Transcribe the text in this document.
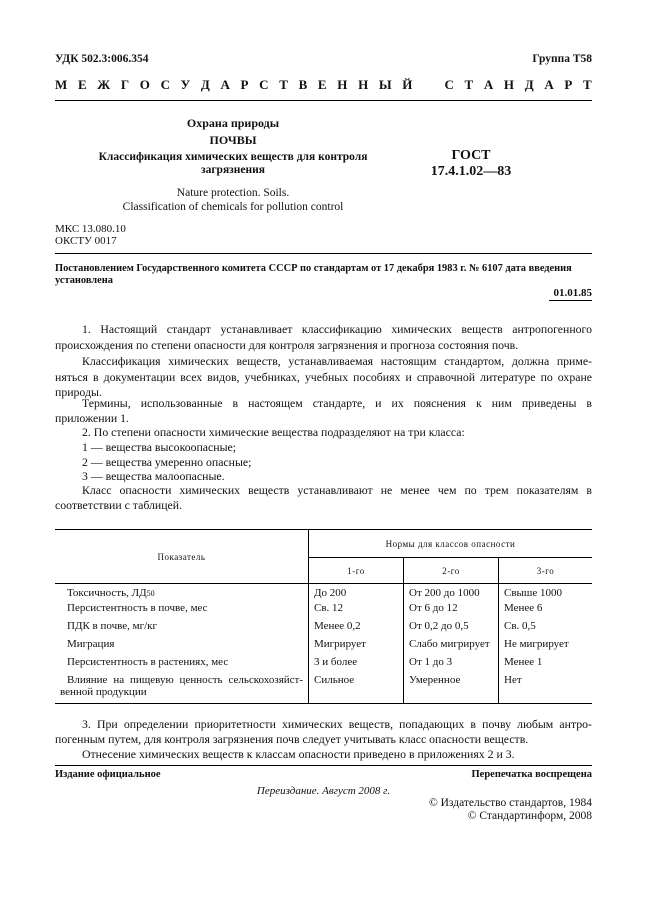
УДК 502.3:006.354	Группа Т58
М Е Ж Г О С У Д А Р С Т В Е Н Н Ы Й С Т А Н Д А Р Т
Охрана природы
ПОЧВЫ
Классификация химических веществ для контроля
загрязнения
ГОСТ
17.4.1.02—83
Nature protection. Soils.
Classification of chemicals for pollution control
МКС 13.080.10
ОКСТУ 0017
Постановлением Государственного комитета СССР по стандартам от 17 декабря 1983 г. № 6107 дата введения
установлена
01.01.85
1. Настоящий стандарт устанавливает классификацию химических веществ антропогенного
происхождения по степени опасности для контроля загрязнения и прогноза состояния почв.
Классификация химических веществ, устанавливаемая настоящим стандартом, должна приме-
няться в документации всех видов, учебниках, учебных пособиях и справочной литературе по охране
природы.
Термины, использованные в настоящем стандарте, и их пояснения к ним приведены в
приложении 1.
2. По степени опасности химические вещества подразделяют на три класса:
1 — вещества высокоопасные;
2 — вещества умеренно опасные;
3 — вещества малоопасные.
Класс опасности химических веществ устанавливают не менее чем по трем показателям в
соответствии с таблицей.
Показатель	Нормы для классов опасности		
	1-го	2-го	3-го
Токсичность, ЛД50	До 200	От 200 до 1000	Свыше 1000
Персистентность в почве, мес	Св. 12	От 6 до 12	Менее 6
ПДК в почве, мг/кг	Менее 0,2	От 0,2 до 0,5	Св. 0,5
Миграция	Мигрирует	Слабо мигрирует	Не мигрирует
Персистентность в растениях, мес	3 и более	От 1 до 3	Менее 1

Влияние на пищевую ценность сельскохозяйст-
венной продукции	Сильное	Умеренное	Нет
3. При определении приоритетности химических веществ, попадающих в почву любым антро-
погенным путем, для контроля загрязнения почв следует учитывать класс опасности веществ.
Отнесение химических веществ к классам опасности приведено в приложениях 2 и 3.
Издание официальное	Перепечатка воспрещена
Переиздание. Август 2008 г.
© Издательство стандартов, 1984
© Стандартинформ, 2008
